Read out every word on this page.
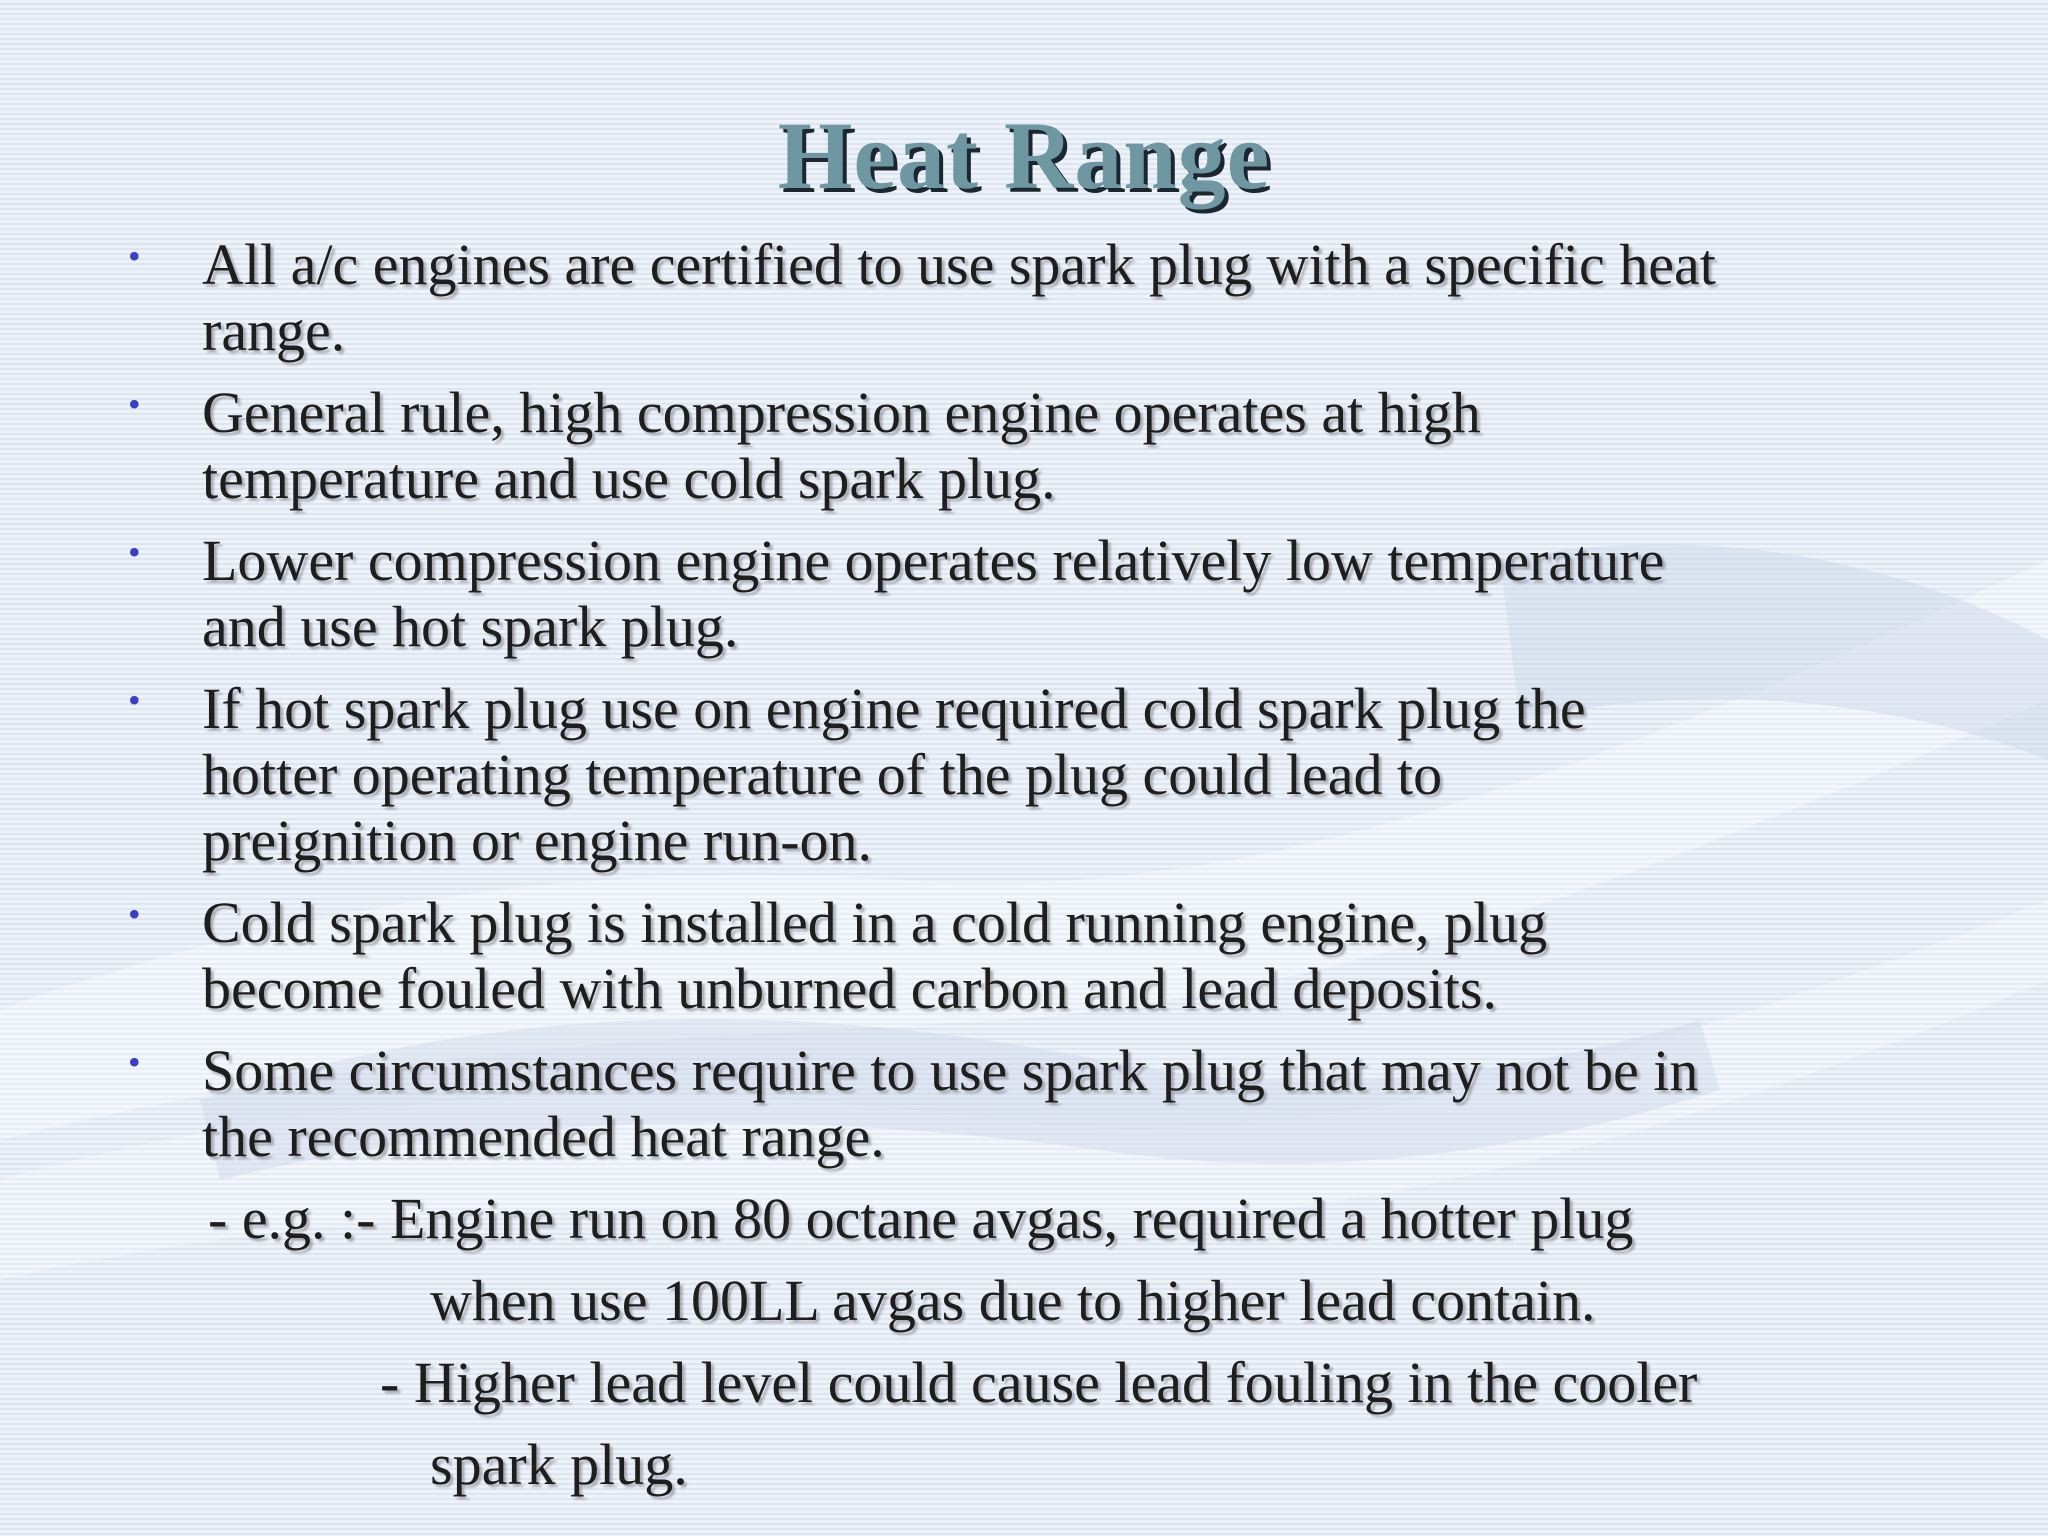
Heat Range
• All a/c engines are certified to use spark plug with a specific heat
range.
• General rule, high compression engine operates at high
temperature and use cold spark plug.
• Lower compression engine operates relatively low temperature
and use hot spark plug.
• If hot spark plug use on engine required cold spark plug the
hotter operating temperature of the plug could lead to
preignition or engine run-on.
• Cold spark plug is installed in a cold running engine, plug
become fouled with unburned carbon and lead deposits.
• Some circumstances require to use spark plug that may not be in
the recommended heat range.
- e.g. :- Engine run on 80 octane avgas, required a hotter plug
when use 100LL avgas due to higher lead contain.
- Higher lead level could cause lead fouling in the cooler
spark plug.
